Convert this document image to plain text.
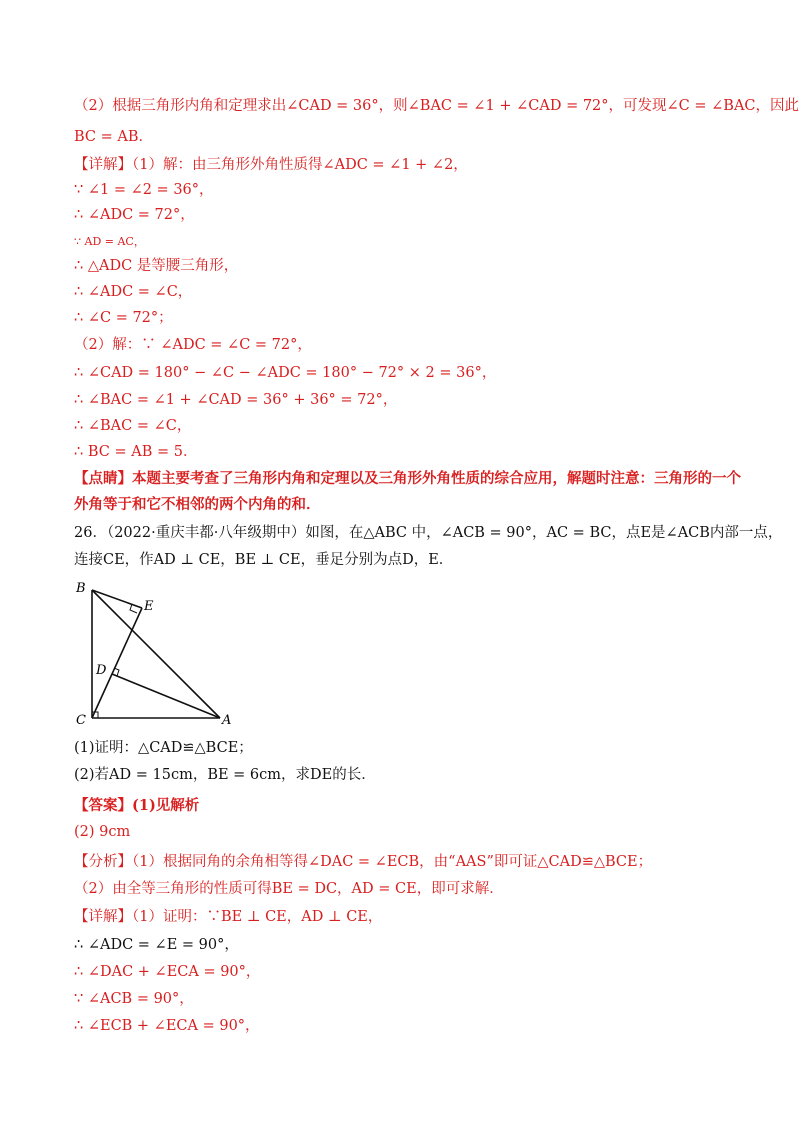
（2）根据三角形内角和定理求出∠CAD = 36°，则∠BAC = ∠1 + ∠CAD = 72°，可发现∠C = ∠BAC，因此
BC = AB．
【详解】（1）解：由三角形外角性质得∠ADC = ∠1 + ∠2，
∵ ∠1 = ∠2 = 36°，
∴ ∠ADC = 72°，
∵ AD = AC，
∴ △ADC 是等腰三角形，
∴ ∠ADC = ∠C，
∴ ∠C = 72°；
（2）解：∵ ∠ADC = ∠C = 72°，
∴ ∠CAD = 180° − ∠C − ∠ADC = 180° − 72° × 2 = 36°，
∴ ∠BAC = ∠1 + ∠CAD = 36° + 36° = 72°，
∴ ∠BAC = ∠C，
∴ BC = AB = 5．
【点睛】本题主要考查了三角形内角和定理以及三角形外角性质的综合应用，解题时注意：三角形的一个
外角等于和它不相邻的两个内角的和．
26．（2022·重庆丰都·八年级期中）如图，在△ABC 中，∠ACB = 90°，AC = BC，点E是∠ACB内部一点，
连接CE，作AD ⊥ CE，BE ⊥ CE，垂足分别为点D，E．
B
E
D
C	A
(1)证明：△CAD≌△BCE；
(2)若AD = 15cm，BE = 6cm，求DE的长．
【答案】(1)见解析
(2) 9cm
【分析】（1）根据同角的余角相等得∠DAC = ∠ECB，由“AAS”即可证△CAD≌△BCE；
（2）由全等三角形的性质可得BE = DC，AD = CE，即可求解．
【详解】（1）证明：∵BE ⊥ CE，AD ⊥ CE，
∴ ∠ADC = ∠E = 90°，
∴ ∠DAC + ∠ECA = 90°，
∵ ∠ACB = 90°，
∴ ∠ECB + ∠ECA = 90°，
